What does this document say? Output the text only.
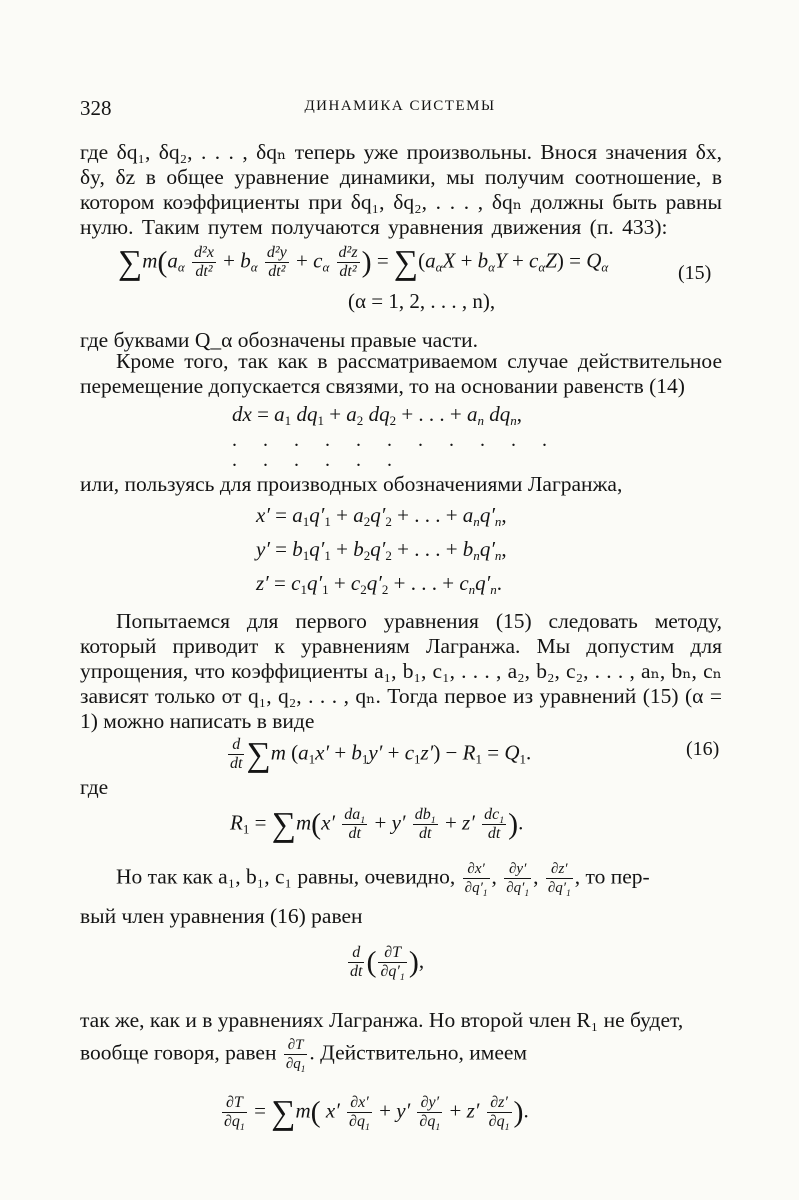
328	ДИНАМИКА СИСТЕМЫ
где δq₁, δq₂, . . . , δqₙ теперь уже произвольны. Внося значения δx, δy, δz в общее уравнение динамики, мы получим соотношение, в котором коэффициенты при δq₁, δq₂, . . . , δqₙ должны быть равны нулю. Таким путем получаются уравнения движения (п. 433):
$\sum m(a_\alpha \frac{\text{d²x}}{\text{dt²}} + b_\alpha \frac{\text{d²y}}{\text{dt²}} + c_\alpha \frac{\text{d²z}}{\text{dt²}}$ ) = $\sum(a_\alpha X + b_\alpha Y + c_\alpha Z) = Q_\alpha$
(α = 1, 2, . . . , n),
(15)
где буквами Q_α обозначены правые части.
Кроме того, так как в рассматриваемом случае действительное перемещение допускается связями, то на основании равенств (14)
dx = $a_1$ $dq_1 + a_2$ $dq_2$ + . . . + $a_n$ $dq_n$,
. . . . . . . . . . . . . . . . .
или, пользуясь для производных обозначениями Лагранжа,
$x' = a_1q'_1 + a_2q'_2$ + . . . + $a_nq'_n$,
$y' = b_1q'_1 + b_2q'_2$ + . . . + $b_nq'_n$,
$z' = c_1q'_1 + c_2q'_2$ + . . . + $c_nq'_n$.
Попытаемся для первого уравнения (15) следовать методу, который приводит к уравнениям Лагранжа. Мы допустим для упрощения, что коэффициенты a₁, b₁, c₁, . . . , a₂, b₂, c₂, . . . , aₙ, bₙ, cₙ зависят только от q₁, q₂, . . . , qₙ. Тогда первое из уравнений (15) (α = 1) можно написать в виде
$\frac{d}{dt} \sum m$ $(a_1x' + b_1y' + c_1z') - R_1 = Q_1$.	(16)
где
$R_1 = \sum m(x' \frac{da_1}{dt} + y' \frac{db_1}{dt} + z' \frac{dc_1}{dt}$ ).
Но так как a₁, b₁, c₁ равны, очевидно, $\frac{\partial x'}{\partial q'_1}$ , $\frac{\partial y'}{\partial q'_1}$ , $\frac{\partial z'}{\partial q'_1}$ , то пер-
вый член уравнения (16) равен
$\frac{d}{dt}$ ( $\frac{\partial T}{\partial q'_1}$ ),
так же, как и в уравнениях Лагранжа. Но второй член R₁ не будет,
вообще говоря, равен $\frac{\partial T}{\partial q_1}$ . Действительно, имеем
$\frac{\partial T}{\partial q_1} = \sum m$( $x' \frac{\partial x'}{\partial q_1} + y' \frac{\partial y'}{\partial q_1} + z' \frac{\partial z'}{\partial q_1}$ ).
